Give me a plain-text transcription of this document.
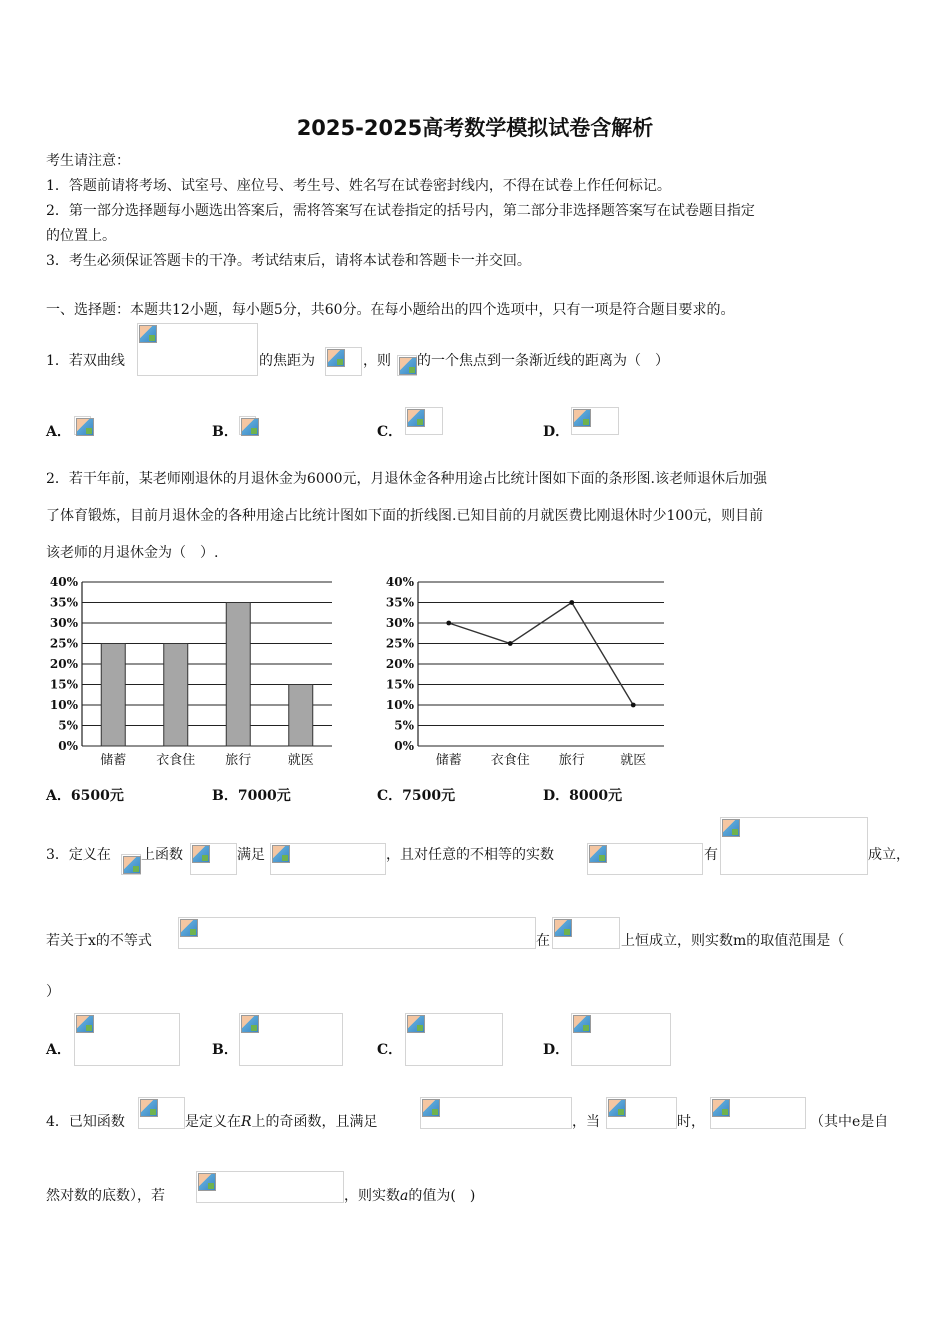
2025-2025高考数学模拟试卷含解析
考生请注意：
1．答题前请将考场、试室号、座位号、考生号、姓名写在试卷密封线内，不得在试卷上作任何标记。
2．第一部分选择题每小题选出答案后，需将答案写在试卷指定的括号内，第二部分非选择题答案写在试卷题目指定
的位置上。
3．考生必须保证答题卡的干净。考试结束后，请将本试卷和答题卡一并交回。
一、选择题：本题共12小题，每小题5分，共60分。在每小题给出的四个选项中，只有一项是符合题目要求的。
1．若双曲线	的焦距为	，则 的一个焦点到一条渐近线的距离为（　）
A．	B．	C．	D．
2．若干年前，某老师刚退休的月退休金为6000元，月退休金各种用途占比统计图如下面的条形图.该老师退休后加强
了体育锻炼，目前月退休金的各种用途占比统计图如下面的折线图.已知目前的月就医费比刚退休时少100元，则目前
该老师的月退休金为（　）.
0%
5%
10%
15%
20%
25%
30%
35%
40%
储蓄 衣食住 旅行	就医
0%
5%
10%
15%
20%
25%
30%
35%
40%
储蓄 衣食住 旅行	就医
A．6500元	B．7000元	C．7500元	D．8000元
3．定义在 上函数	满足	，且对任意的不相等的实数	有	成立，
若关于x的不等式	在	上恒成立，则实数m的取值范围是（
）
A．	B．	C．	D．
4．已知函数	是定义在R上的奇函数，且满足	，当	时，	（其中e是自
然对数的底数），若	，则实数a的值为(　)
